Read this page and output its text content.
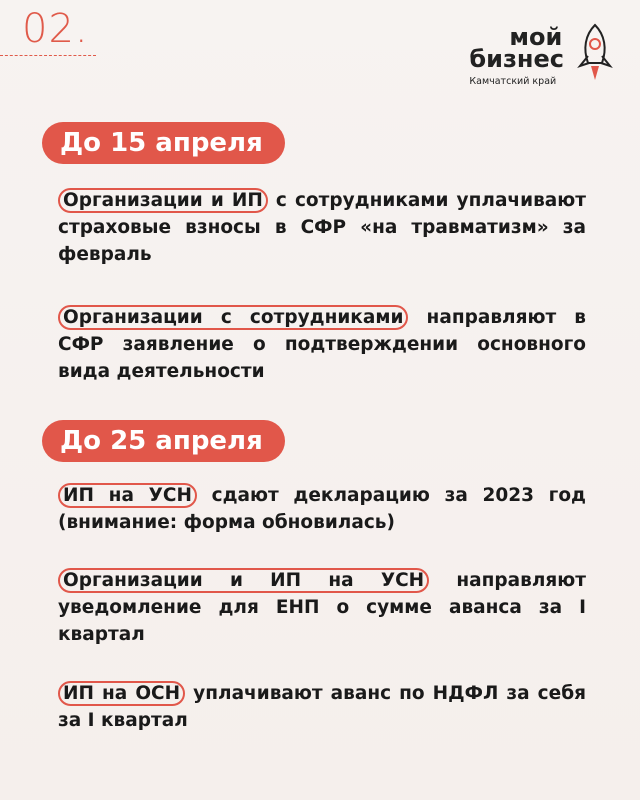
02.	мой
бизнес
Камчатский край
До 15 апреля
Организации и ИП с сотрудниками уплачивают страховые взносы в СФР «на травматизм» за февраль
Организации с сотрудниками направляют в СФР заявление о подтверждении основного вида деятельности
До 25 апреля
ИП на УСН сдают декларацию за 2023 год (внимание: форма обновилась)
Организации и ИП на УСН направляют уведомление для ЕНП о сумме аванса за I квартал
ИП на ОСН уплачивают аванс по НДФЛ за себя за I квартал
